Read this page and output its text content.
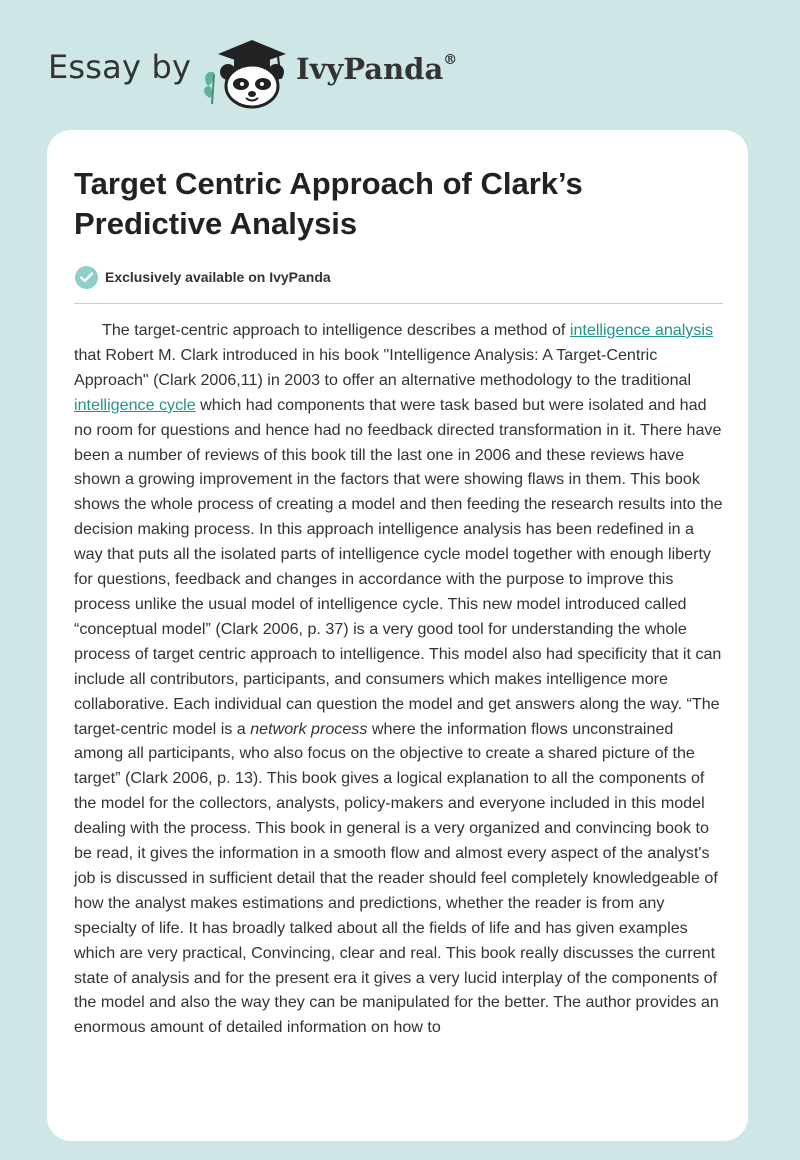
Essay by	IvyPanda®
Target Centric Approach of Clark’s Predictive Analysis
Exclusively available on IvyPanda

The target-centric approach to intelligence describes a method of intelligence analysis that Robert M. Clark introduced in his book "Intelligence Analysis: A Target-Centric Approach" (Clark 2006,11) in 2003 to offer an alternative methodology to the traditional intelligence cycle which had components that were task based but were isolated and had no room for questions and hence had no feedback directed transformation in it. There have been a number of reviews of this book till the last one in 2006 and these reviews have shown a growing improvement in the factors that were showing flaws in them. This book shows the whole process of creating a model and then feeding the research results into the decision making process. In this approach intelligence analysis has been redefined in a way that puts all the isolated parts of intelligence cycle model together with enough liberty for questions, feedback and changes in accordance with the purpose to improve this process unlike the usual model of intelligence cycle. This new model introduced called “conceptual model” (Clark 2006, p. 37) is a very good tool for understanding the whole process of target centric approach to intelligence. This model also had specificity that it can include all contributors, participants, and consumers which makes intelligence more collaborative. Each individual can question the model and get answers along the way. “The target-centric model is a network process where the information flows unconstrained among all participants, who also focus on the objective to create a shared picture of the target” (Clark 2006, p. 13). This book gives a logical explanation to all the components of the model for the collectors, analysts, policy-makers and everyone included in this model dealing with the process. This book in general is a very organized and convincing book to be read, it gives the information in a smooth flow and almost every aspect of the analyst's job is discussed in sufficient detail that the reader should feel completely knowledgeable of how the analyst makes estimations and predictions, whether the reader is from any specialty of life. It has broadly talked about all the fields of life and has given examples which are very practical, Convincing, clear and real. This book really discusses the current state of analysis and for the present era it gives a very lucid interplay of the components of the model and also the way they can be manipulated for the better. The author provides an enormous amount of detailed information on how to
